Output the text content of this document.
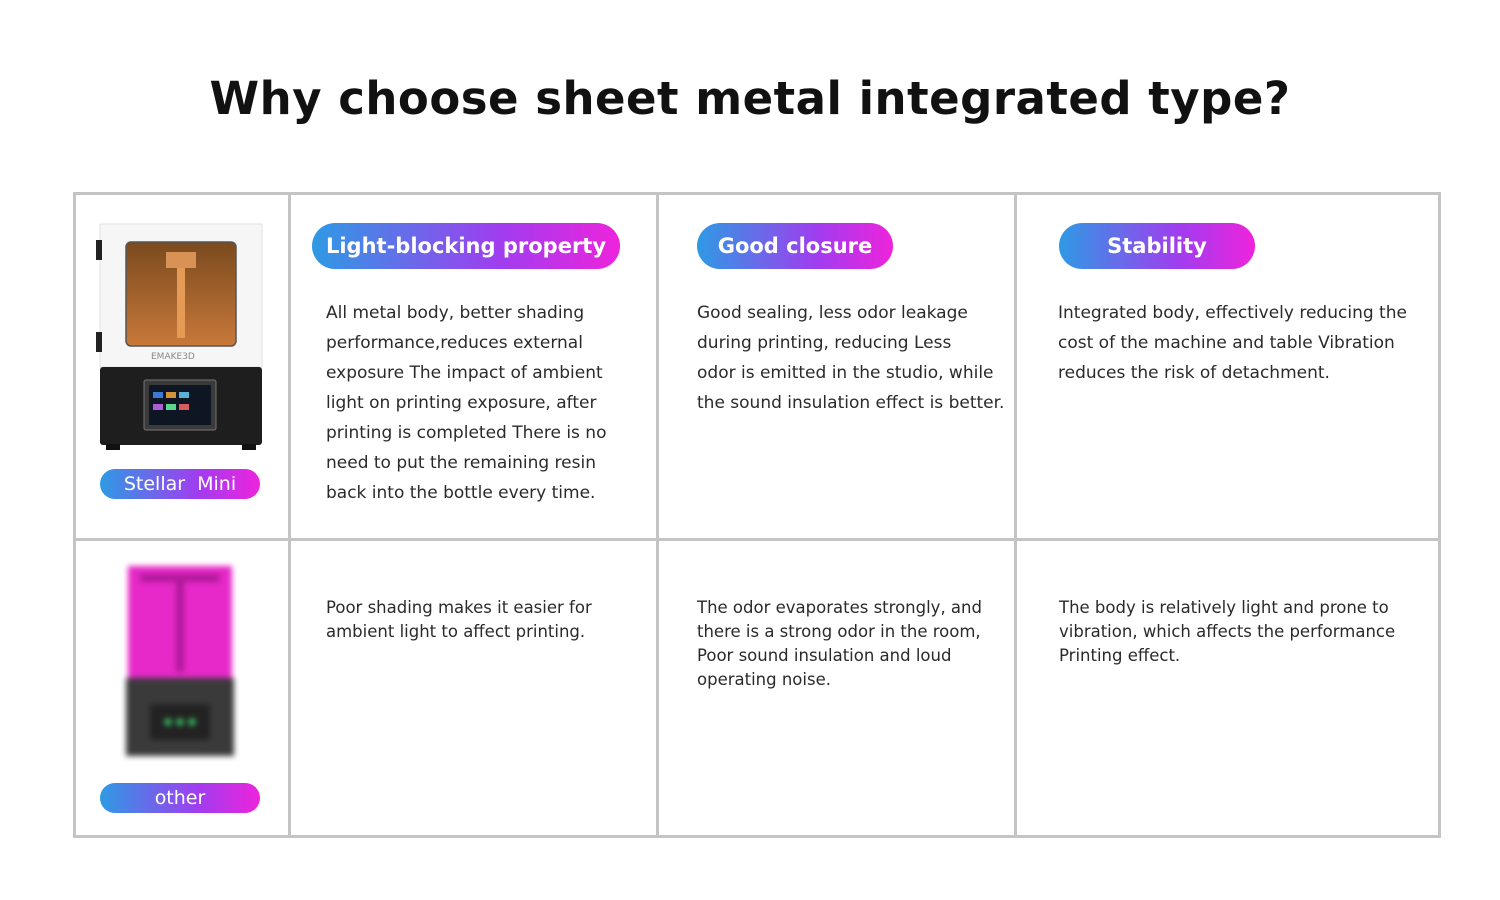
Why choose sheet metal integrated type?
EMAKE3D
Stellar  Mini
Light-blocking property	Good closure	Stability
All metal body, better shading
performance,reduces external
exposure The impact of ambient
light on printing exposure, after
printing is completed There is no
need to put the remaining resin
back into the bottle every time.
Good sealing, less odor leakage
during printing, reducing Less
odor is emitted in the studio, while
the sound insulation effect is better.
Integrated body, effectively reducing the
cost of the machine and table Vibration
reduces the risk of detachment.
other
Poor shading makes it easier for
ambient light to affect printing.
The odor evaporates strongly, and
there is a strong odor in the room,
Poor sound insulation and loud
operating noise.
The body is relatively light and prone to
vibration, which affects the performance
Printing effect.
